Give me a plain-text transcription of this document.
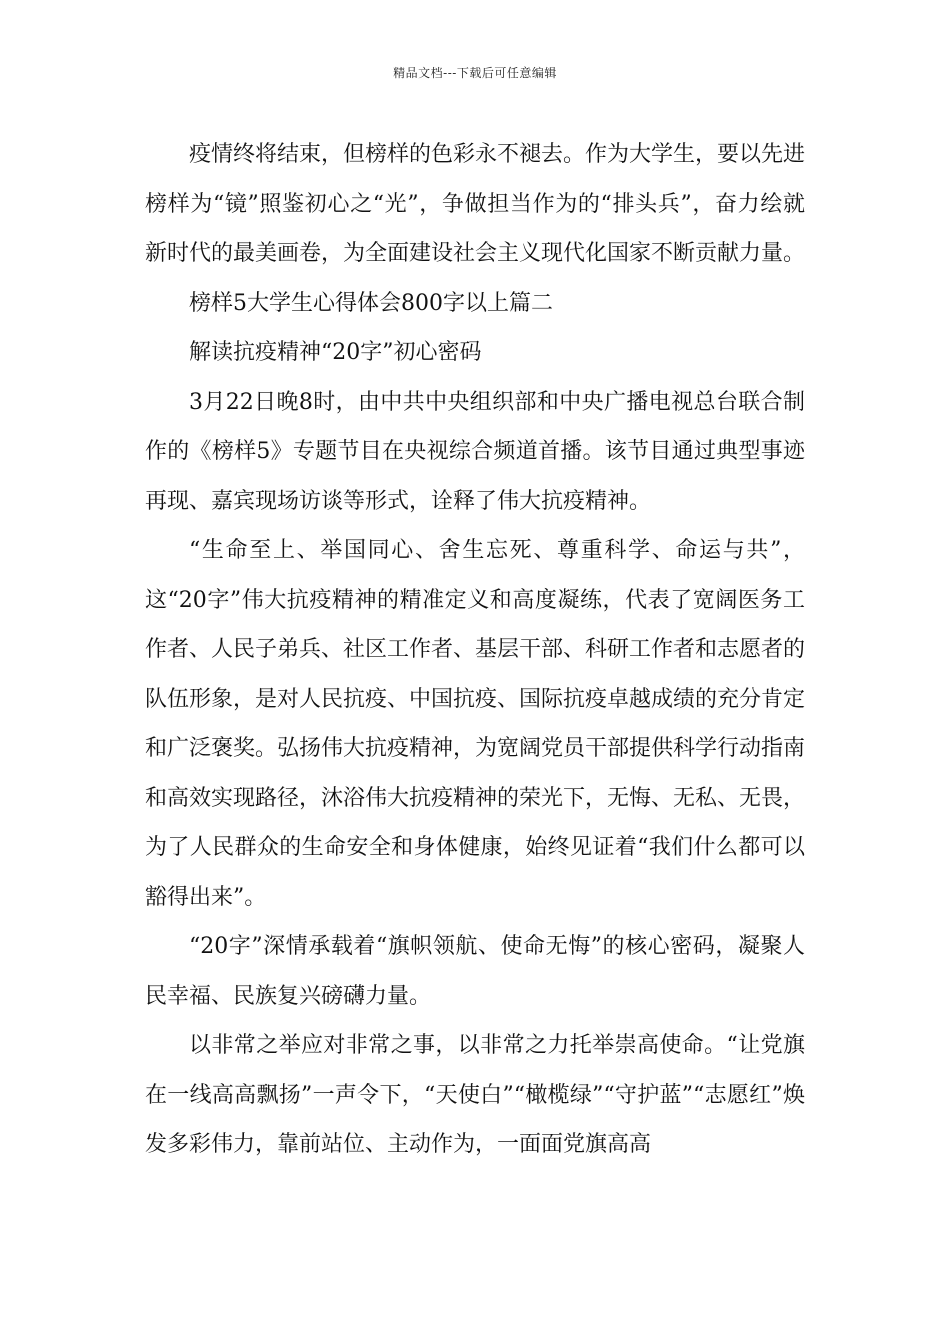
精品文档---下载后可任意编辑

疫情终将结束，但榜样的色彩永不褪去。作为大学生，要以先进榜样为“镜”照鉴初心之“光”，争做担当作为的“排头兵”，奋力绘就新时代的最美画卷，为全面建设社会主义现代化国家不断贡献力量。

榜样5大学生心得体会800字以上篇二

解读抗疫精神“20字”初心密码

3月22日晚8时，由中共中央组织部和中央广播电视总台联合制作的《榜样5》专题节目在央视综合频道首播。该节目通过典型事迹再现、嘉宾现场访谈等形式，诠释了伟大抗疫精神。

“生命至上、举国同心、舍生忘死、尊重科学、命运与共”，这“20字”伟大抗疫精神的精准定义和高度凝练，代表了宽阔医务工作者、人民子弟兵、社区工作者、基层干部、科研工作者和志愿者的队伍形象，是对人民抗疫、中国抗疫、国际抗疫卓越成绩的充分肯定和广泛褒奖。弘扬伟大抗疫精神，为宽阔党员干部提供科学行动指南和高效实现路径，沐浴伟大抗疫精神的荣光下，无悔、无私、无畏，为了人民群众的生命安全和身体健康，始终见证着“我们什么都可以豁得出来”。

“20字”深情承载着“旗帜领航、使命无悔”的核心密码，凝聚人民幸福、民族复兴磅礴力量。

以非常之举应对非常之事，以非常之力托举崇高使命。“让党旗在一线高高飘扬”一声令下，“天使白”“橄榄绿”“守护蓝”“志愿红”焕发多彩伟力，靠前站位、主动作为，一面面党旗高高
